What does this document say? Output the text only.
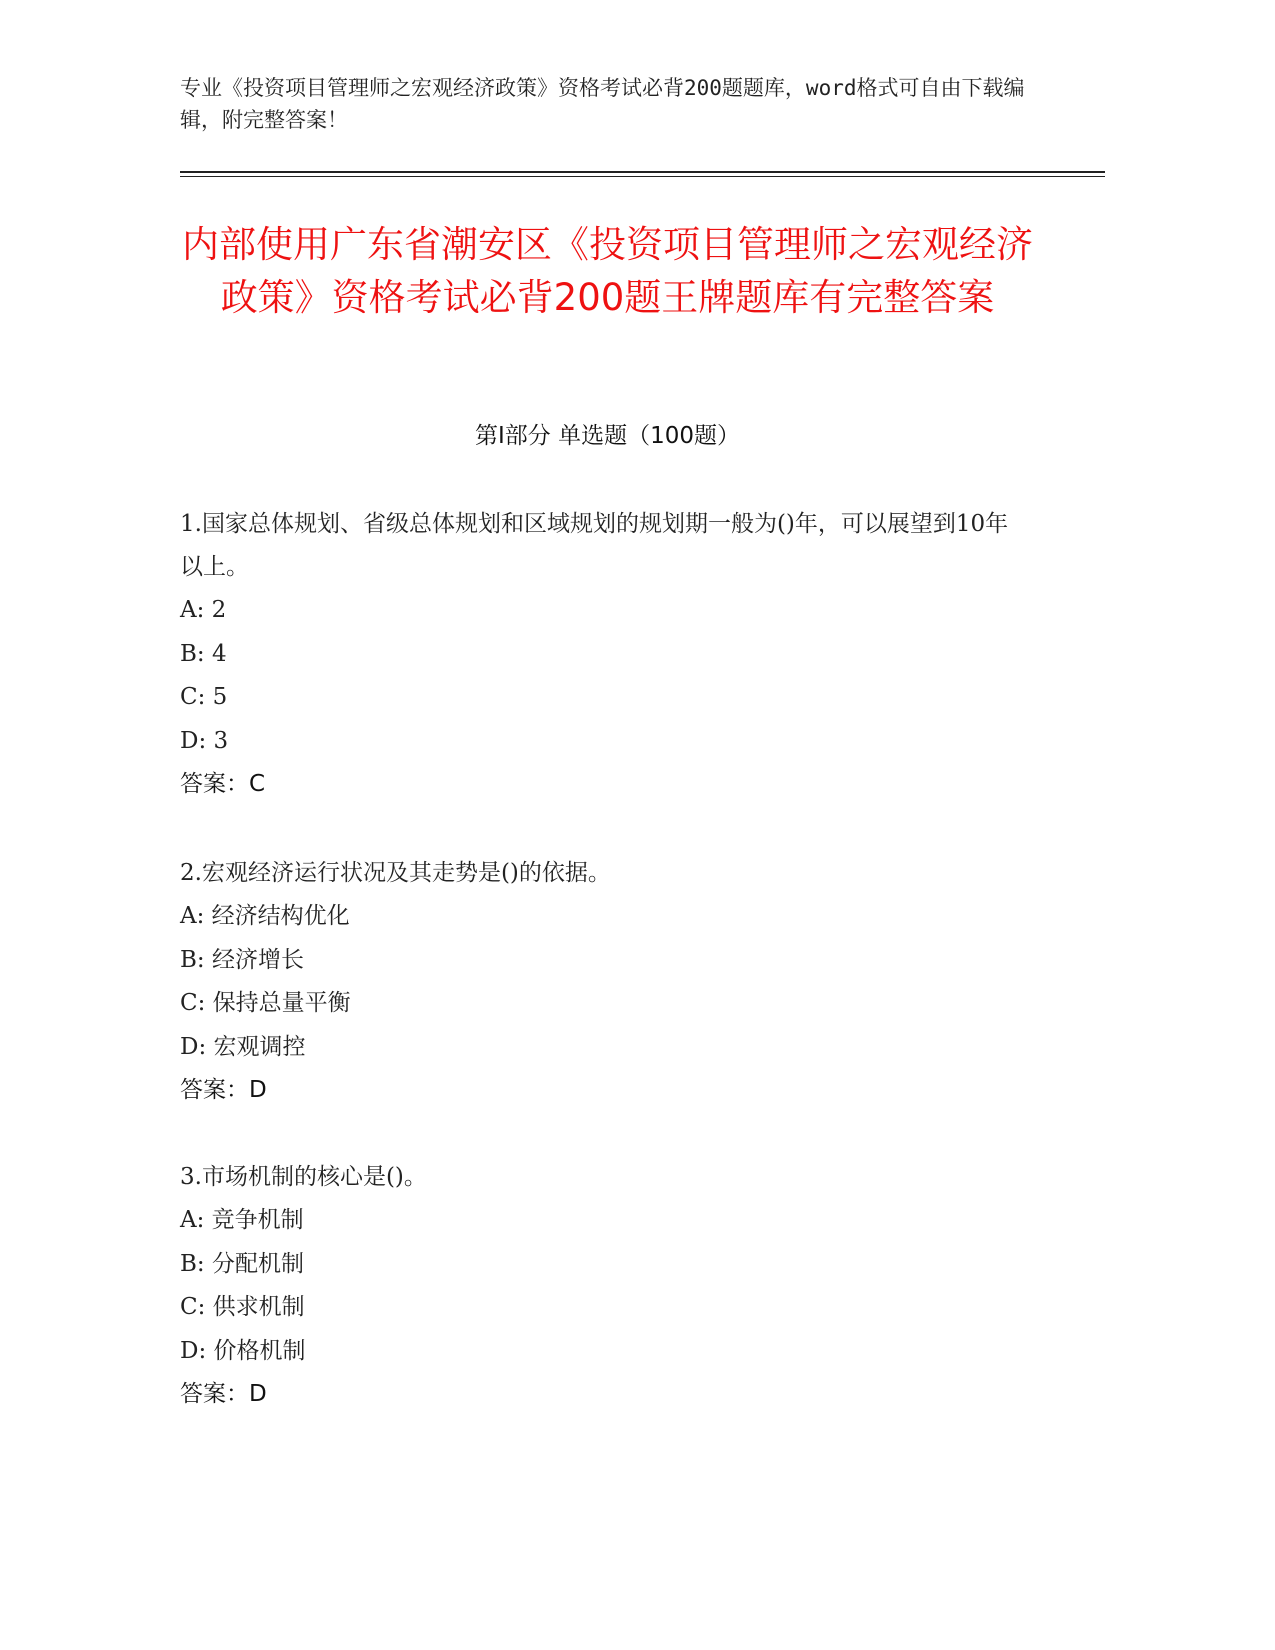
专业《投资项目管理师之宏观经济政策》资格考试必背200题题库，word格式可自由下载编辑，附完整答案！
内部使用广东省潮安区《投资项目管理师之宏观经济政策》资格考试必背200题王牌题库有完整答案
第I部分 单选题（100题）

1.国家总体规划、省级总体规划和区域规划的规划期一般为()年，可以展望到10年以上。

A: 2

B: 4

C: 5

D: 3

答案：C

2.宏观经济运行状况及其走势是()的依据。

A: 经济结构优化

B: 经济增长

C: 保持总量平衡

D: 宏观调控

答案：D

3.市场机制的核心是()。

A: 竞争机制

B: 分配机制

C: 供求机制

D: 价格机制

答案：D
